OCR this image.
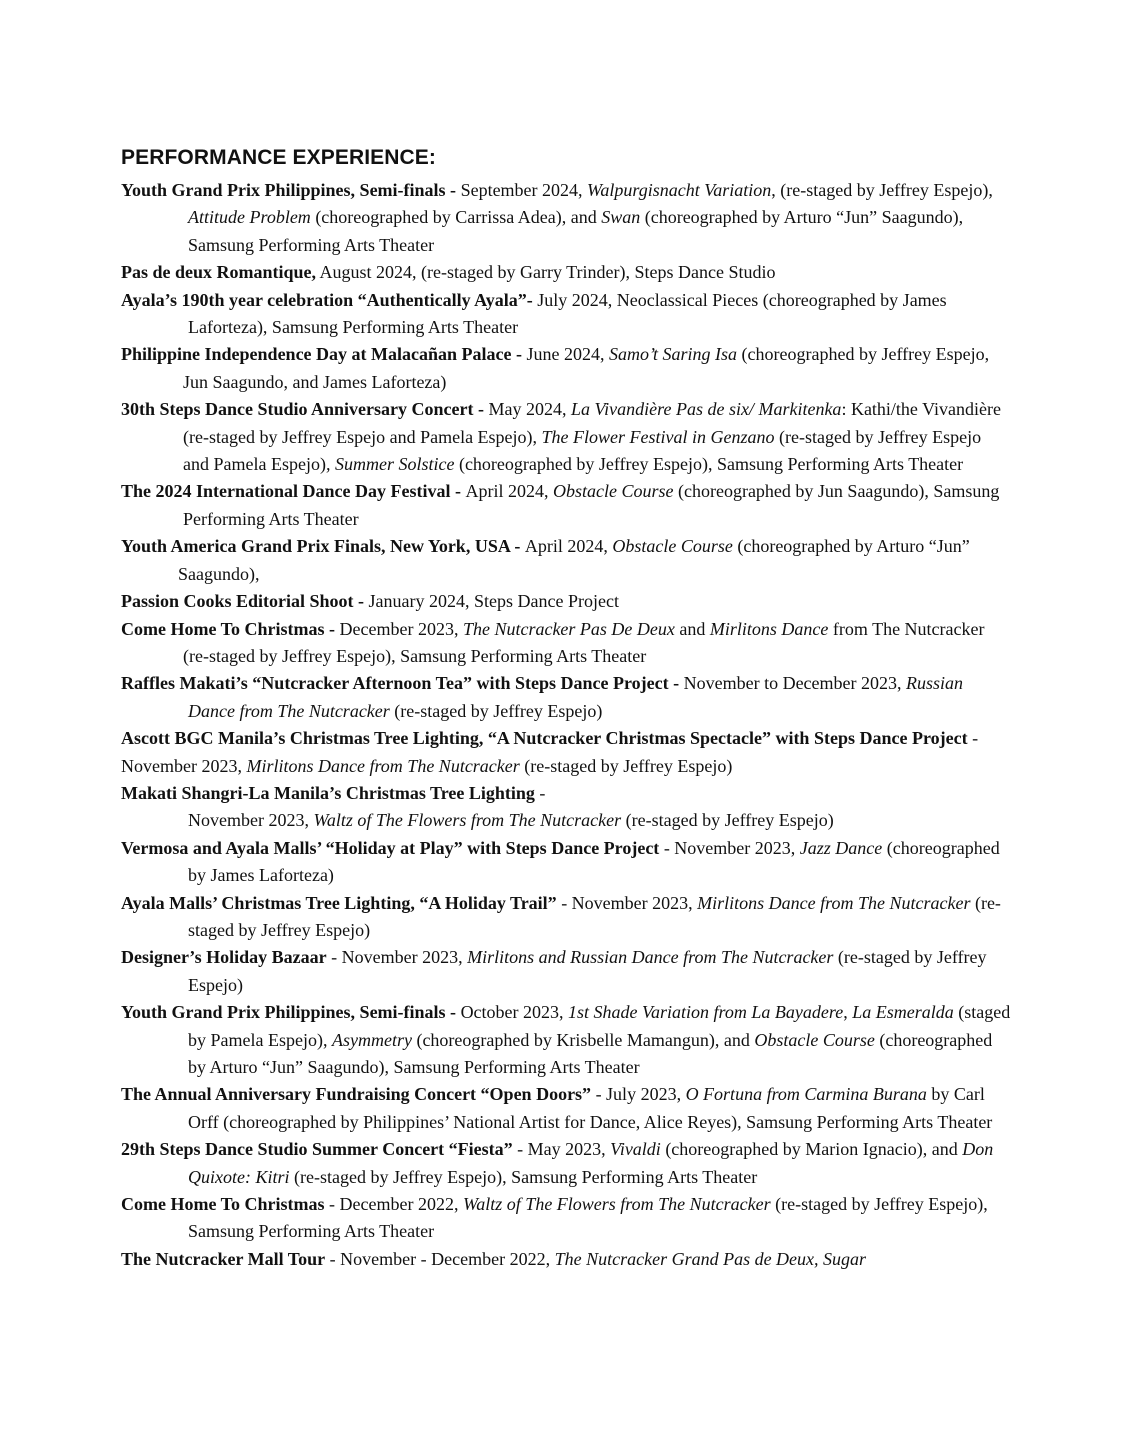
PERFORMANCE EXPERIENCE:

Youth Grand Prix Philippines, Semi-finals - September 2024, Walpurgisnacht Variation, (re-staged by Jeffrey Espejo), Attitude Problem (choreographed by Carrissa Adea), and Swan (choreographed by Arturo “Jun” Saagundo), Samsung Performing Arts Theater

Pas de deux Romantique, August 2024, (re-staged by Garry Trinder), Steps Dance Studio

Ayala’s 190th year celebration “Authentically Ayala”- July 2024, Neoclassical Pieces (choreographed by James Laforteza), Samsung Performing Arts Theater

Philippine Independence Day at Malacañan Palace - June 2024, Samo’t Saring Isa (choreographed by Jeffrey Espejo, Jun Saagundo, and James Laforteza)

30th Steps Dance Studio Anniversary Concert - May 2024, La Vivandière Pas de six/ Markitenka: Kathi/the Vivandière (re-staged by Jeffrey Espejo and Pamela Espejo), The Flower Festival in Genzano (re-staged by Jeffrey Espejo and Pamela Espejo), Summer Solstice (choreographed by Jeffrey Espejo), Samsung Performing Arts Theater

The 2024 International Dance Day Festival - April 2024, Obstacle Course (choreographed by Jun Saagundo), Samsung Performing Arts Theater

Youth America Grand Prix Finals, New York, USA - April 2024, Obstacle Course (choreographed by Arturo “Jun” Saagundo),

Passion Cooks Editorial Shoot - January 2024, Steps Dance Project

Come Home To Christmas - December 2023, The Nutcracker Pas De Deux and Mirlitons Dance from The Nutcracker (re-staged by Jeffrey Espejo), Samsung Performing Arts Theater

Raffles Makati’s “Nutcracker Afternoon Tea” with Steps Dance Project - November to December 2023, Russian Dance from The Nutcracker (re-staged by Jeffrey Espejo)

Ascott BGC Manila’s Christmas Tree Lighting, “A Nutcracker Christmas Spectacle” with Steps Dance Project - November 2023, Mirlitons Dance from The Nutcracker (re-staged by Jeffrey Espejo)

Makati Shangri-La Manila’s Christmas Tree Lighting -
November 2023, Waltz of The Flowers from The Nutcracker (re-staged by Jeffrey Espejo)

Vermosa and Ayala Malls’ “Holiday at Play” with Steps Dance Project - November 2023, Jazz Dance (choreographed by James Laforteza)

Ayala Malls’ Christmas Tree Lighting, “A Holiday Trail” - November 2023, Mirlitons Dance from The Nutcracker (re-staged by Jeffrey Espejo)

Designer’s Holiday Bazaar - November 2023, Mirlitons and Russian Dance from The Nutcracker (re-staged by Jeffrey Espejo)

Youth Grand Prix Philippines, Semi-finals - October 2023, 1st Shade Variation from La Bayadere, La Esmeralda (staged by Pamela Espejo), Asymmetry (choreographed by Krisbelle Mamangun), and Obstacle Course (choreographed by Arturo “Jun” Saagundo), Samsung Performing Arts Theater

The Annual Anniversary Fundraising Concert “Open Doors” - July 2023, O Fortuna from Carmina Burana by Carl Orff (choreographed by Philippines’ National Artist for Dance, Alice Reyes), Samsung Performing Arts Theater

29th Steps Dance Studio Summer Concert “Fiesta” - May 2023, Vivaldi (choreographed by Marion Ignacio), and Don Quixote: Kitri (re-staged by Jeffrey Espejo), Samsung Performing Arts Theater

Come Home To Christmas - December 2022, Waltz of The Flowers from The Nutcracker (re-staged by Jeffrey Espejo), Samsung Performing Arts Theater

The Nutcracker Mall Tour - November - December 2022, The Nutcracker Grand Pas de Deux, Sugar
